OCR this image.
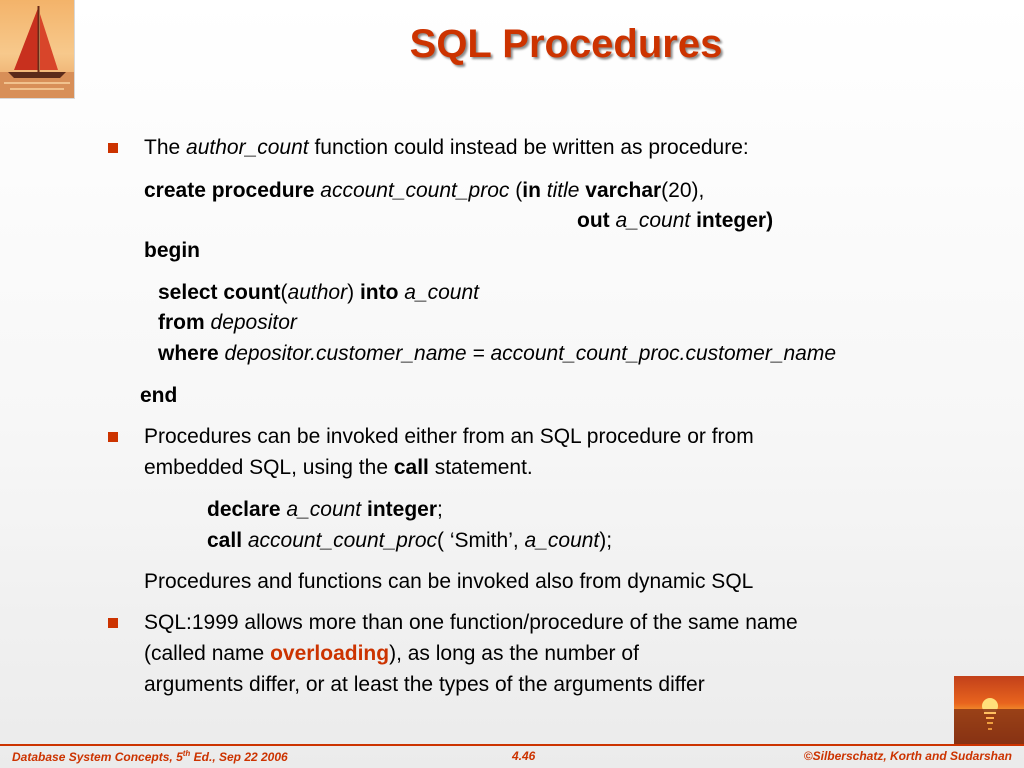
SQL Procedures
The author_count function could instead be written as procedure:
create procedure account_count_proc (in title varchar(20),
out a_count integer)
begin
select count(author) into a_count
from depositor
where depositor.customer_name = account_count_proc.customer_name
end
Procedures can be invoked either from an SQL procedure or from
embedded SQL, using the call statement.
declare a_count integer;
call account_count_proc( ‘Smith’, a_count);
Procedures and functions can be invoked also from dynamic SQL
SQL:1999 allows more than one function/procedure of the same name
(called name overloading), as long as the number of
arguments differ, or at least the types of the arguments differ
Database System Concepts, 5th Ed., Sep 22 2006	4.46	©Silberschatz, Korth and Sudarshan
